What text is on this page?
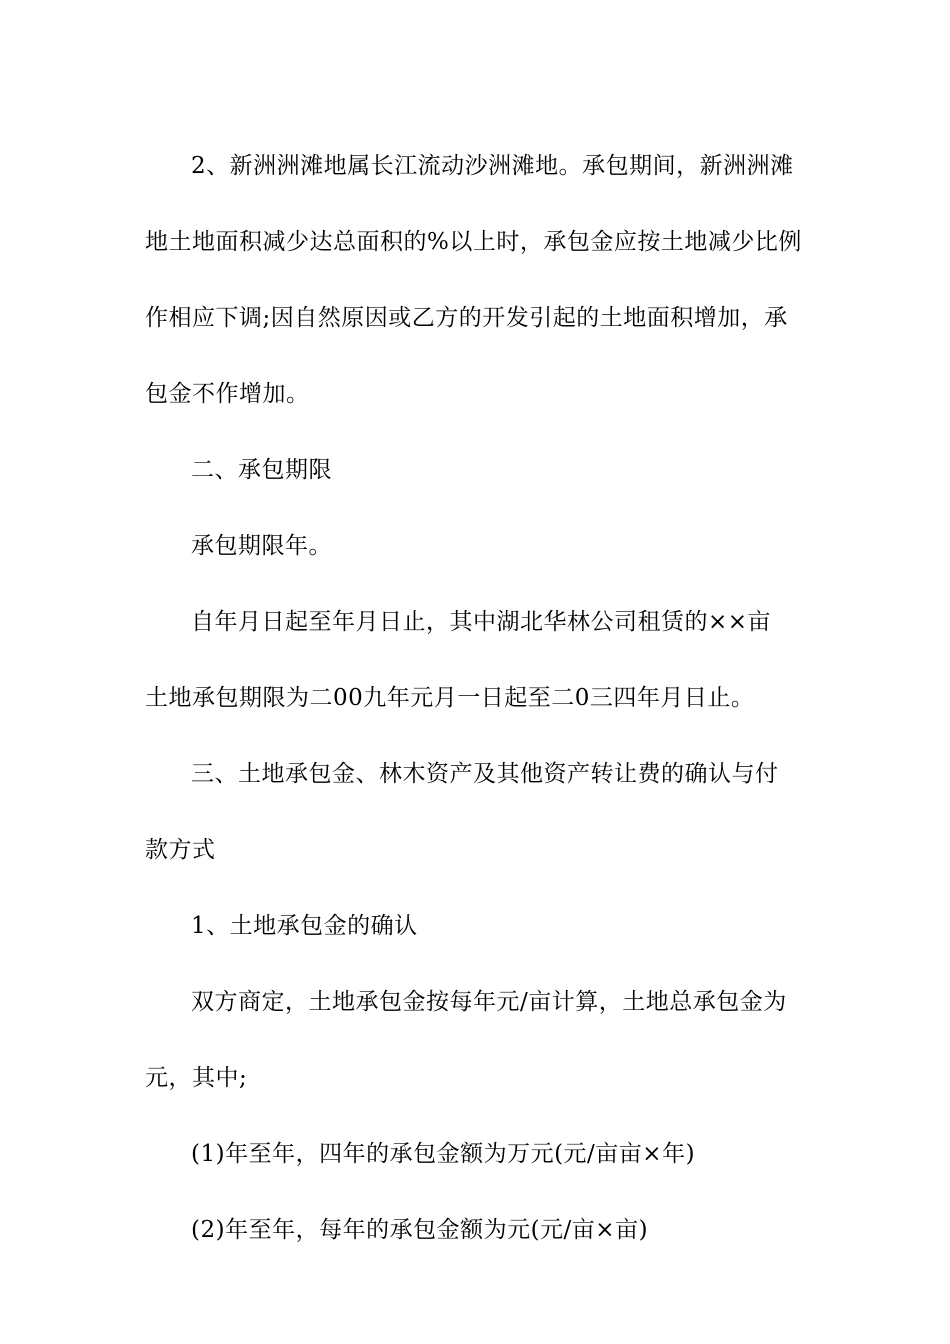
2、新洲洲滩地属长江流动沙洲滩地。承包期间，新洲洲滩
地土地面积减少达总面积的%以上时，承包金应按土地减少比例
作相应下调;因自然原因或乙方的开发引起的土地面积增加，承
包金不作增加。

二、承包期限

承包期限年。

自年月日起至年月日止，其中湖北华林公司租赁的××亩
土地承包期限为二00九年元月一日起至二0三四年月日止。

三、土地承包金、林木资产及其他资产转让费的确认与付
款方式

1、土地承包金的确认

双方商定，土地承包金按每年元/亩计算，土地总承包金为
元，其中;

(1)年至年，四年的承包金额为万元(元/亩亩×年)

(2)年至年，每年的承包金额为元(元/亩×亩)
